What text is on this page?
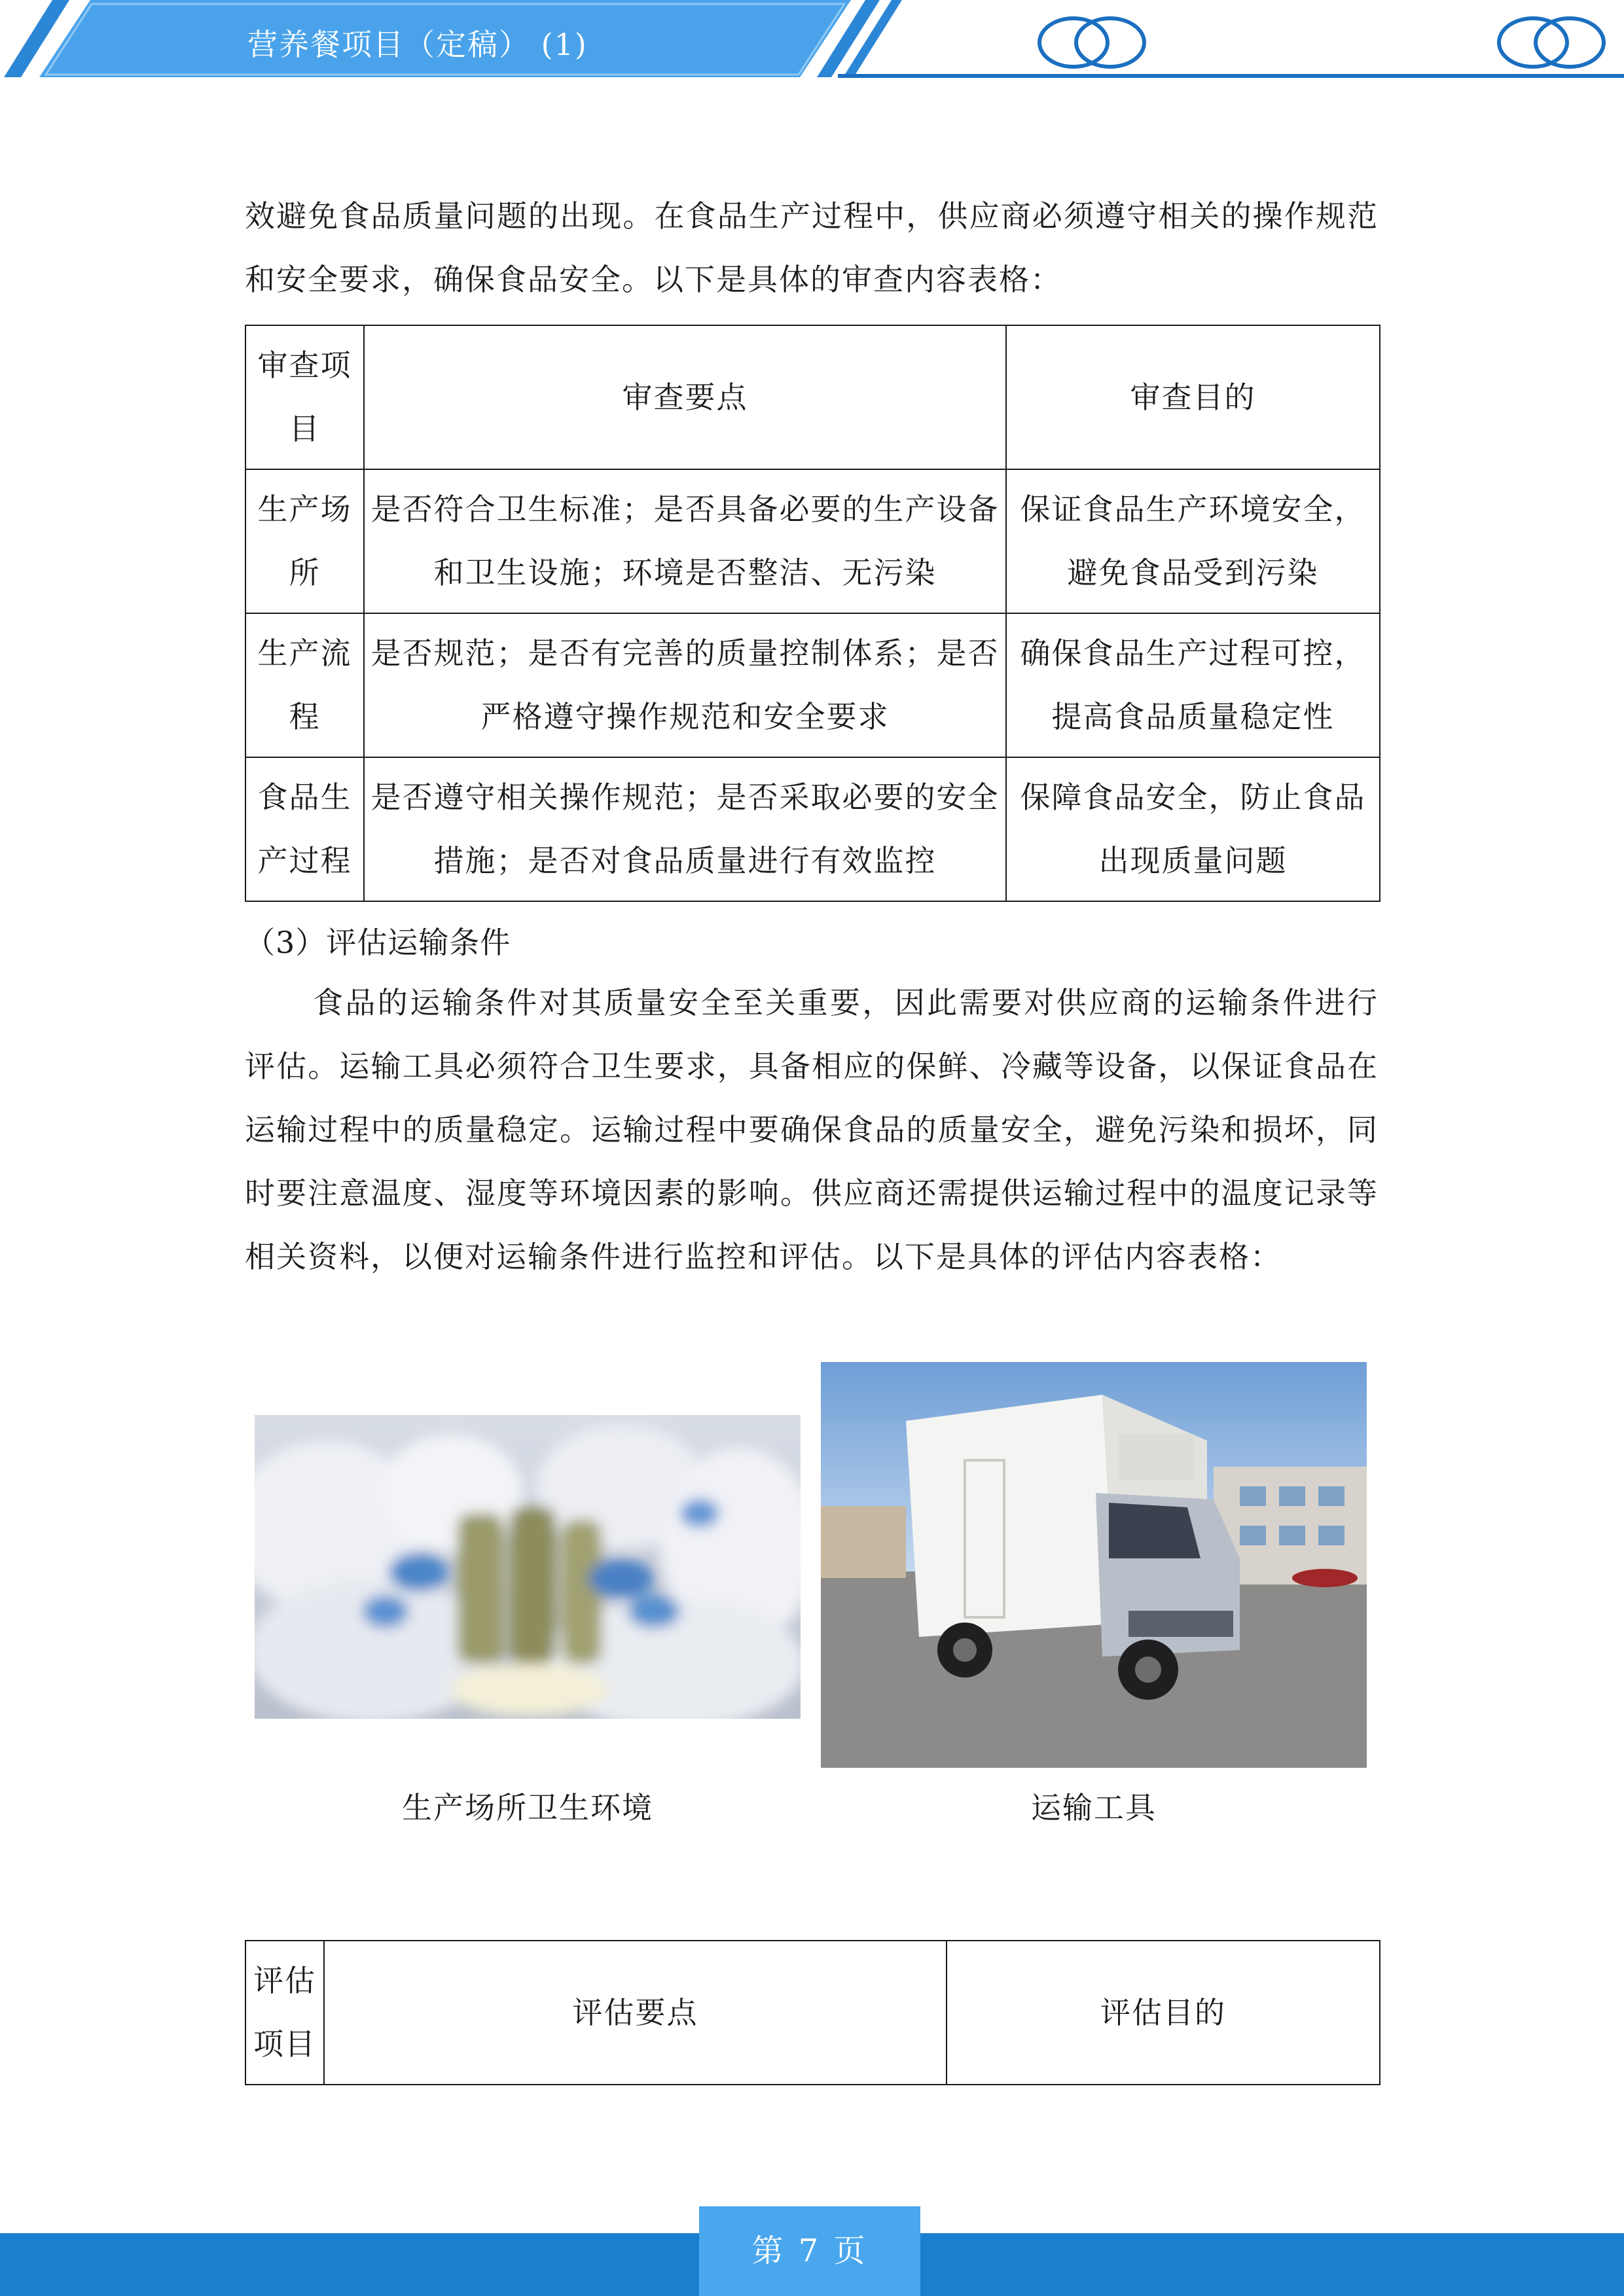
营养餐项目（定稿） (1)
效避免食品质量问题的出现。在食品生产过程中，供应商必须遵守相关的操作规范和安全要求，确保食品安全。以下是具体的审查内容表格：
审查项目	审查要点	审查目的
生产场所	是否符合卫生标准；是否具备必要的生产设备和卫生设施；环境是否整洁、无污染	保证食品生产环境安全，避免食品受到污染
生产流程	是否规范；是否有完善的质量控制体系；是否严格遵守操作规范和安全要求	确保食品生产过程可控，提高食品质量稳定性
食品生产过程	是否遵守相关操作规范；是否采取必要的安全措施；是否对食品质量进行有效监控	保障食品安全，防止食品出现质量问题
（3）评估运输条件
食品的运输条件对其质量安全至关重要，因此需要对供应商的运输条件进行评估。运输工具必须符合卫生要求，具备相应的保鲜、冷藏等设备，以保证食品在运输过程中的质量稳定。运输过程中要确保食品的质量安全，避免污染和损坏，同时要注意温度、湿度等环境因素的影响。供应商还需提供运输过程中的温度记录等相关资料，以便对运输条件进行监控和评估。以下是具体的评估内容表格：
生产场所卫生环境	运输工具
评估项目	评估要点	评估目的
第 7 页
